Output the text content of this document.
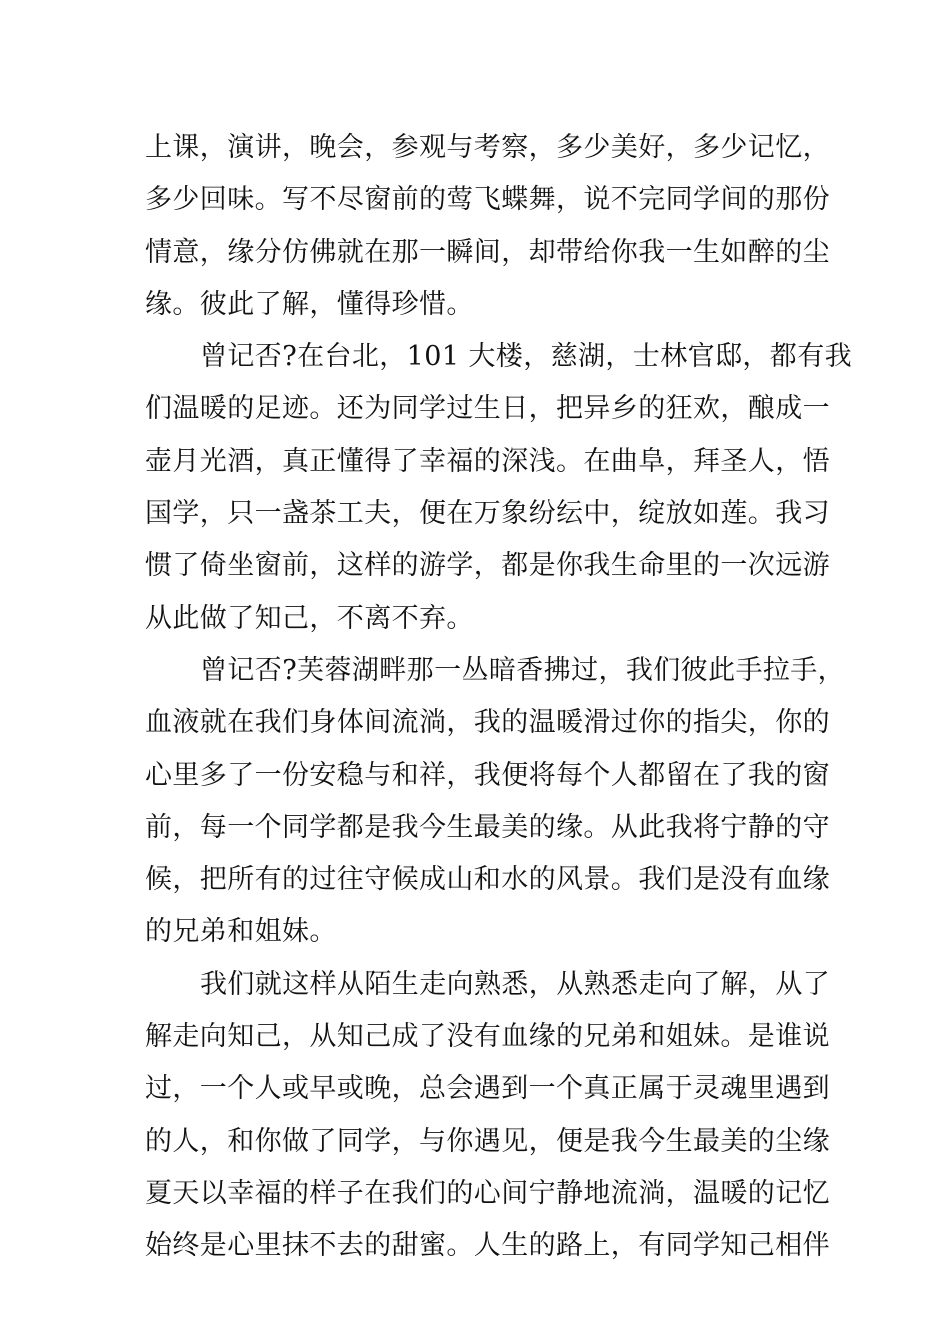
上课，演讲，晚会，参观与考察，多少美好，多少记忆，
多少回味。写不尽窗前的莺飞蝶舞，说不完同学间的那份
情意，缘分仿佛就在那一瞬间，却带给你我一生如醉的尘
缘。彼此了解，懂得珍惜。
曾记否?在台北，101 大楼，慈湖，士林官邸，都有我
们温暖的足迹。还为同学过生日，把异乡的狂欢，酿成一
壶月光酒，真正懂得了幸福的深浅。在曲阜，拜圣人，悟
国学，只一盏茶工夫，便在万象纷纭中，绽放如莲。我习
惯了倚坐窗前，这样的游学，都是你我生命里的一次远游
从此做了知己，不离不弃。
曾记否?芙蓉湖畔那一丛暗香拂过，我们彼此手拉手，
血液就在我们身体间流淌，我的温暖滑过你的指尖，你的
心里多了一份安稳与和祥，我便将每个人都留在了我的窗
前，每一个同学都是我今生最美的缘。从此我将宁静的守
候，把所有的过往守候成山和水的风景。我们是没有血缘
的兄弟和姐妹。
我们就这样从陌生走向熟悉，从熟悉走向了解，从了
解走向知己，从知己成了没有血缘的兄弟和姐妹。是谁说
过，一个人或早或晚，总会遇到一个真正属于灵魂里遇到
的人，和你做了同学，与你遇见，便是我今生最美的尘缘
夏天以幸福的样子在我们的心间宁静地流淌，温暖的记忆
始终是心里抹不去的甜蜜。人生的路上，有同学知己相伴
